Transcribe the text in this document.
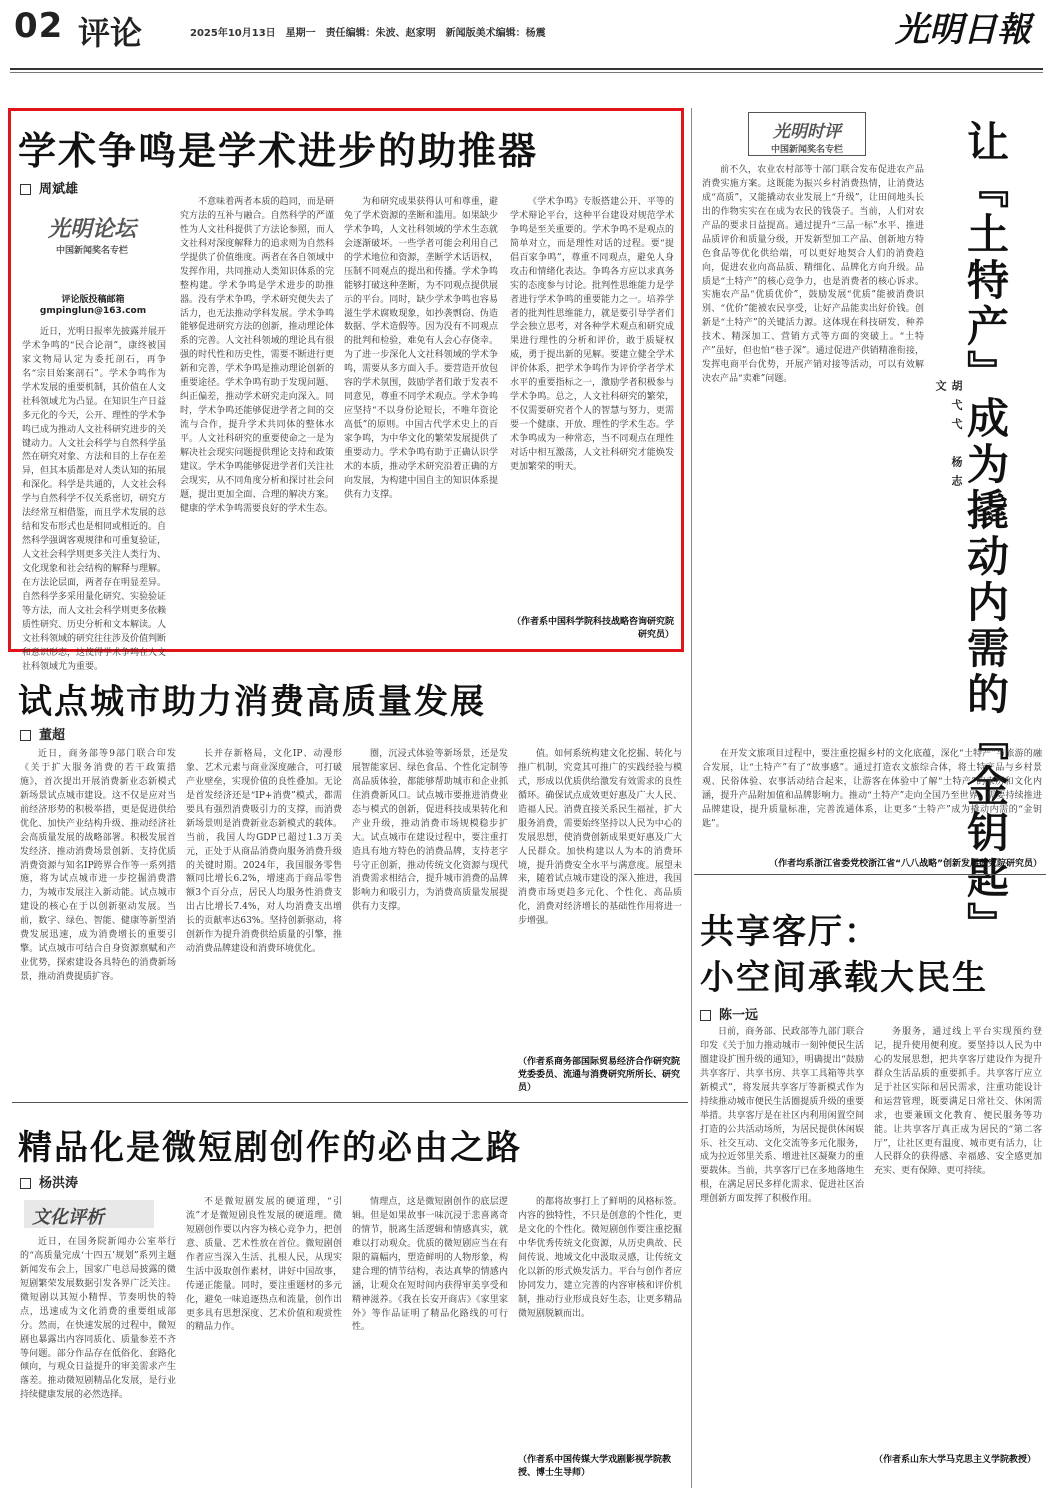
02 评论	2025年10月13日　星期一　责任编辑：朱波、赵家明　新闻版美术编辑：杨震	光明日報
学术争鸣是学术进步的助推器
周斌雄
光明论坛
中国新闻奖名专栏
评论版投稿邮箱
gmpinglun@163.com

近日，光明日报率先披露并展开学术争鸣的“民合论剖”，康终被国家文物局认定为委托剖石，再争名“宗目始案剖石”。学术争鸣作为学术发展的重要机制，其价值在人文社科领域尤为凸显。在知识生产日益多元化的今天，公开、理性的学术争鸣已成为推动人文社科研究进步的关键动力。人文社会科学与自然科学虽然在研究对象、方法和目的上存在差异，但其本质都是对人类认知的拓展和深化。科学是共通的，人文社会科学与自然科学不仅关系密切，研究方法经常互相借鉴，而且学术发展的总结和发布形式也是相同或相近的。自然科学强调客观规律和可重复验证，人文社会科学则更多关注人类行为、文化现象和社会结构的解释与理解。在方法论层面，两者存在明显差异。自然科学多采用量化研究、实验验证等方法，而人文社会科学则更多依赖质性研究、历史分析和文本解读。人文社科领域的研究往往涉及价值判断和意识形态，这使得学术争鸣在人文社科领域尤为重要。

不意味着两者本质的趋同，而是研究方法的互补与融合。自然科学的严谨性为人文社科提供了方法论参照，而人文社科对深度解释力的追求则为自然科学提供了价值维度。两者在各自领域中发挥作用，共同推动人类知识体系的完整构建。学术争鸣是学术进步的助推器。没有学术争鸣，学术研究便失去了活力，也无法推动学科发展。学术争鸣能够促进研究方法的创新，推动理论体系的完善。人文社科领域的理论具有很强的时代性和历史性，需要不断进行更新和完善，学术争鸣是推动理论创新的重要途径。学术争鸣有助于发现问题、纠正偏差，推动学术研究走向深入。同时，学术争鸣还能够促进学者之间的交流与合作，提升学术共同体的整体水平。人文社科研究的重要使命之一是为解决社会现实问题提供理论支持和政策建议。学术争鸣能够促进学者们关注社会现实，从不同角度分析和探讨社会问题，提出更加全面、合理的解决方案。健康的学术争鸣需要良好的学术生态。

为和研究成果获得认可和尊重，避免了学术资源的垄断和滥用。如果缺少学术争鸣，人文社科领域的学术生态就会逐渐破坏。一些学者可能会利用自己的学术地位和资源，垄断学术话语权，压制不同观点的提出和传播。学术争鸣能够打破这种垄断，为不同观点提供展示的平台。同时，缺少学术争鸣也容易滋生学术腐败现象，如抄袭剽窃、伪造数据、学术造假等。因为没有不同观点的批判和检验，难免有人会心存侥幸。为了进一步深化人文社科领域的学术争鸣，需要从多方面入手。要营造开放包容的学术氛围，鼓励学者们敢于发表不同意见，尊重不同学术观点。学术争鸣应坚持“不以身份论短长，不唯年资论高低”的原则。中国古代学术史上的百家争鸣，为中华文化的繁荣发展提供了重要动力。学术争鸣有助于正确认识学术的本质，推动学术研究沿着正确的方向发展，为构建中国自主的知识体系提供有力支撑。

《学术争鸣》专版搭建公开、平等的学术辩论平台，这种平台建设对规范学术争鸣是至关重要的。学术争鸣不是观点的简单对立，而是理性对话的过程。要“提倡百家争鸣”，尊重不同观点，避免人身攻击和情绪化表达。争鸣各方应以求真务实的态度参与讨论。批判性思维能力是学者进行学术争鸣的重要能力之一。培养学者的批判性思维能力，就是要引导学者们学会独立思考，对各种学术观点和研究成果进行理性的分析和评价，敢于质疑权威，勇于提出新的见解。要建立健全学术评价体系，把学术争鸣作为评价学者学术水平的重要指标之一，激励学者积极参与学术争鸣。总之，人文社科研究的繁荣，不仅需要研究者个人的智慧与努力，更需要一个健康、开放、理性的学术生态。学术争鸣成为一种常态，当不同观点在理性对话中相互激荡，人文社科研究才能焕发更加繁荣的明天。

（作者系中国科学院科技战略咨询研究院研究员）
光明时评
中国新闻奖名专栏	让『土特产』成为撬动内需的『金钥匙』
胡弋弋　杨志文

前不久，农业农村部等十部门联合发布促进农产品消费实施方案。这既能为振兴乡村消费热情，让消费达成“高质”，又能撬动农业发展上“升级”，让田间地头长出的作物实实在在成为农民的钱袋子。当前，人们对农产品的要求日益提高。通过提升“三品一标”水平、推进品质评价和质量分级，开发新型加工产品、创新地方特色食品等优化供给端，可以更好地契合人们的消费趋向，促进农业向高品质、精细化、品牌化方向升级。品质是“土特产”的核心竞争力，也是消费者的核心诉求。实施农产品“优质优价”，鼓励发展“优质”能被消费识别、“优价”能被农民享受，让好产品能卖出好价钱。创新是“土特产”的关键活力源。这体现在科技研发、种养技术、精深加工、营销方式等方面的突破上。“土特产”虽好，但也怕“巷子深”。通过促进产供销精准衔接，发挥电商平台优势，开展产销对接等活动，可以有效解决农产品“卖难”问题。

在开发文旅项目过程中，要注重挖掘乡村的文化底蕴，深化“土特产”与旅游的融合发展，让“土特产”有了“故事感”。通过打造农文旅综合体，将土特产品与乡村景观、民俗体验、农事活动结合起来，让游客在体验中了解“土特产”的来历和文化内涵，提升产品附加值和品牌影响力。推动“土特产”走向全国乃至世界，需要持续推进品牌建设，提升质量标准，完善流通体系，让更多“土特产”成为撬动内需的“金钥匙”。

（作者均系浙江省委党校浙江省“八八战略”创新发展研究院研究员）
试点城市助力消费高质量发展
董超

近日，商务部等9部门联合印发《关于扩大服务消费的若干政策措施》，首次提出开展消费新业态新模式新场景试点城市建设。这不仅是应对当前经济形势的积极举措，更是促进供给优化、加快产业结构升级、推动经济社会高质量发展的战略部署。积极发展首发经济、推动消费场景创新、支持优质消费资源与知名IP跨界合作等一系列措施，将为试点城市进一步挖掘消费潜力，为城市发展注入新动能。试点城市建设的核心在于以创新驱动发展。当前，数字、绿色、智能、健康等新型消费发展迅速，成为消费增长的重要引擎。试点城市可结合自身资源禀赋和产业优势，探索建设各具特色的消费新场景，推动消费提质扩容。

长并存新格局，文化IP、动漫形象、艺术元素与商业深度融合，可打破产业壁垒，实现价值的良性叠加。无论是首发经济还是“IP+消费”模式，都需要具有强烈消费吸引力的支撑，而消费新场景则是消费新业态新模式的载体。当前，我国人均GDP已超过1.3万美元，正处于从商品消费向服务消费升级的关键时期。2024年，我国服务零售额同比增长6.2%，增速高于商品零售额3个百分点，居民人均服务性消费支出占比增长7.4%，对人均消费支出增长的贡献率达63%。坚持创新驱动，将创新作为提升消费供给质量的引擎，推动消费品牌建设和消费环境优化。

圈，沉浸式体验等新场景，还是发展智能家居、绿色食品、个性化定制等高品质体验，都能够帮助城市和企业抓住消费新风口。试点城市要推进消费业态与模式的创新，促进科技成果转化和产业升级，推动消费市场规模稳步扩大。试点城市在建设过程中，要注重打造具有地方特色的消费品牌，支持老字号守正创新，推动传统文化资源与现代消费需求相结合，提升城市消费的品牌影响力和吸引力，为消费高质量发展提供有力支撑。

值。如何系统构建文化挖掘、转化与推广机制，究竟其可推广的实践经验与模式，形成以优质供给激发有效需求的良性循环。确保试点成效更好惠及广大人民、造福人民。消费直接关系民生福祉，扩大服务消费，需要始终坚持以人民为中心的发展思想，使消费创新成果更好惠及广大人民群众。加快构建以人为本的消费环境，提升消费安全水平与满意度。展望未来，随着试点城市建设的深入推进，我国消费市场更趋多元化、个性化、高品质化，消费对经济增长的基础性作用将进一步增强。

（作者系商务部国际贸易经济合作研究院党委委员、流通与消费研究所所长、研究员）
共享客厅：
小空间承载大民生
陈一远

日前，商务部、民政部等九部门联合印发《关于加力推动城市一刻钟便民生活圈建设扩围升级的通知》，明确提出“鼓励共享客厅、共享书房、共享工具箱等共享新模式”，将发展共享客厅等新模式作为持续推动城市便民生活圈提质升级的重要举措。共享客厅是在社区内利用闲置空间打造的公共活动场所，为居民提供休闲娱乐、社交互动、文化交流等多元化服务，成为拉近邻里关系、增进社区凝聚力的重要载体。当前，共享客厅已在多地落地生根，在满足居民多样化需求、促进社区治理创新方面发挥了积极作用。

务服务，通过线上平台实现预约登记，提升使用便利度。要坚持以人民为中心的发展思想，把共享客厅建设作为提升群众生活品质的重要抓手。共享客厅应立足于社区实际和居民需求，注重功能设计和运营管理，既要满足日常社交、休闲需求，也要兼顾文化教育、便民服务等功能。让共享客厅真正成为居民的“第二客厅”，让社区更有温度、城市更有活力，让人民群众的获得感、幸福感、安全感更加充实、更有保障、更可持续。

（作者系山东大学马克思主义学院教授）
精品化是微短剧创作的必由之路
杨洪涛
文化评析

近日，在国务院新闻办公室举行的“高质量完成‘十四五’规划”系列主题新闻发布会上，国家广电总局披露的微短剧繁荣发展数据引发各界广泛关注。微短剧以其短小精悍、节奏明快的特点，迅速成为文化消费的重要组成部分。然而，在快速发展的过程中，微短剧也暴露出内容同质化、质量参差不齐等问题。部分作品存在低俗化、套路化倾向，与观众日益提升的审美需求产生落差。推动微短剧精品化发展，是行业持续健康发展的必然选择。

不是微短剧发展的硬道理，“引流”才是微短剧良性发展的硬道理。微短剧创作要以内容为核心竞争力，把创意、质量、艺术性放在首位。微短剧创作者应当深入生活、扎根人民，从现实生活中汲取创作素材，讲好中国故事，传递正能量。同时，要注重题材的多元化，避免一味追逐热点和流量，创作出更多具有思想深度、艺术价值和观赏性的精品力作。

情理点，这是微短剧创作的底层逻辑。但是如果故事一味沉浸于悲喜离奇的情节，脱离生活逻辑和情感真实，就难以打动观众。优质的微短剧应当在有限的篇幅内，塑造鲜明的人物形象，构建合理的情节结构，表达真挚的情感内涵，让观众在短时间内获得审美享受和精神滋养。《我在长安开商店》《家里家外》等作品证明了精品化路线的可行性。

的都将故事打上了鲜明的风格标签。内容的独特性，不只是创意的个性化，更是文化的个性化。微短剧创作要注重挖掘中华优秀传统文化资源，从历史典故、民间传说、地域文化中汲取灵感，让传统文化以新的形式焕发活力。平台与创作者应协同发力，建立完善的内容审核和评价机制，推动行业形成良好生态，让更多精品微短剧脱颖而出。

（作者系中国传媒大学戏剧影视学院教授、博士生导师）
